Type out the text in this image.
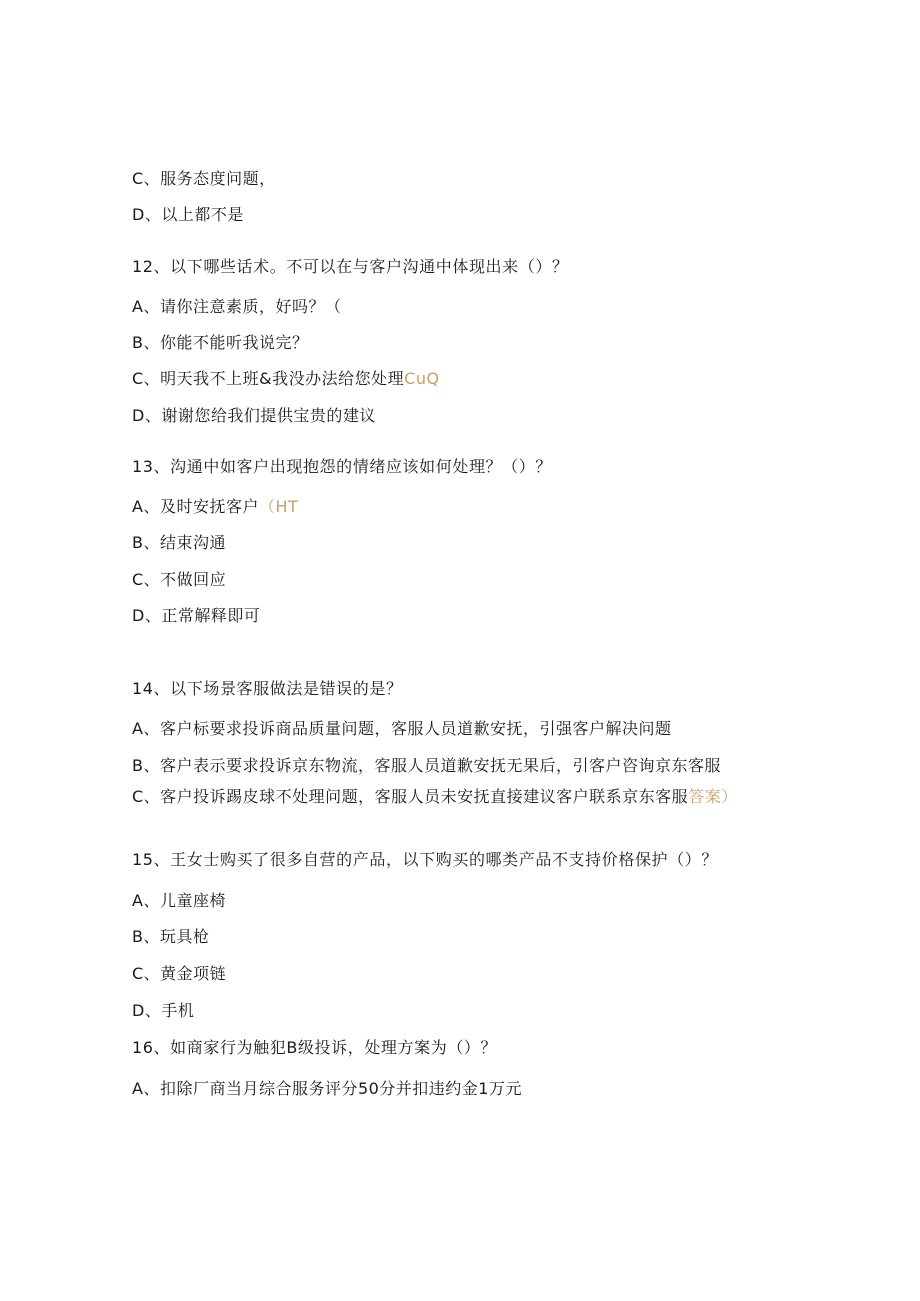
C、服务态度问题，
D、以上都不是
12、以下哪些话术。不可以在与客户沟通中体现出来（）？
A、请你注意素质，好吗？（
B、你能不能听我说完？
C、明天我不上班&我没办法给您处理CuQ
D、谢谢您给我们提供宝贵的建议
13、沟通中如客户出现抱怨的情绪应该如何处理？（）？
A、及时安抚客户（HT
B、结束沟通
C、不做回应
D、正常解释即可
14、以下场景客服做法是错误的是？
A、客户标要求投诉商品质量问题，客服人员道歉安抚，引强客户解决问题
B、客户表示要求投诉京东物流，客服人员道歉安抚无果后，引客户咨询京东客服
C、客户投诉踢皮球不处理问题，客服人员未安抚直接建议客户联系京东客服答案）
15、王女士购买了很多自营的产品，以下购买的哪类产品不支持价格保护（）？
A、儿童座椅
B、玩具枪
C、黄金项链
D、手机
16、如商家行为触犯B级投诉，处理方案为（）？
A、扣除厂商当月综合服务评分50分并扣违约金1万元
